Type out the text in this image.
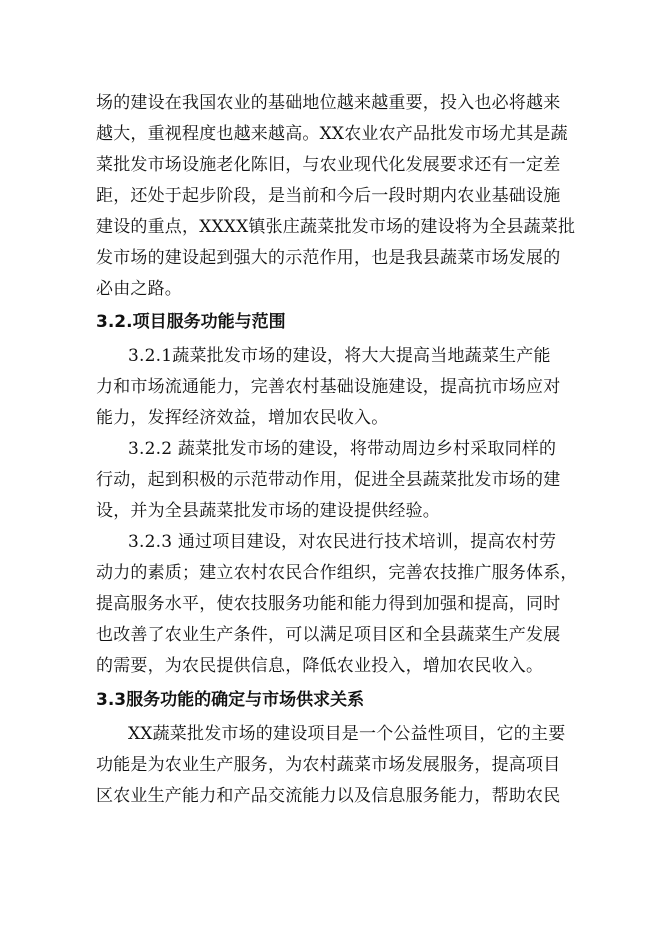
场的建设在我国农业的基础地位越来越重要，投入也必将越来
越大，重视程度也越来越高。XX农业农产品批发市场尤其是蔬
菜批发市场设施老化陈旧，与农业现代化发展要求还有一定差
距，还处于起步阶段，是当前和今后一段时期内农业基础设施
建设的重点，XXXX镇张庄蔬菜批发市场的建设将为全县蔬菜批
发市场的建设起到强大的示范作用，也是我县蔬菜市场发展的
必由之路。
3.2.项目服务功能与范围
3.2.1蔬菜批发市场的建设，将大大提高当地蔬菜生产能
力和市场流通能力，完善农村基础设施建设，提高抗市场应对
能力，发挥经济效益，增加农民收入。
3.2.2 蔬菜批发市场的建设，将带动周边乡村采取同样的
行动，起到积极的示范带动作用，促进全县蔬菜批发市场的建
设，并为全县蔬菜批发市场的建设提供经验。
3.2.3 通过项目建设，对农民进行技术培训，提高农村劳
动力的素质；建立农村农民合作组织，完善农技推广服务体系，
提高服务水平，使农技服务功能和能力得到加强和提高，同时
也改善了农业生产条件，可以满足项目区和全县蔬菜生产发展
的需要，为农民提供信息，降低农业投入，增加农民收入。
3.3服务功能的确定与市场供求关系
XX蔬菜批发市场的建设项目是一个公益性项目，它的主要
功能是为农业生产服务，为农村蔬菜市场发展服务，提高项目
区农业生产能力和产品交流能力以及信息服务能力，帮助农民
